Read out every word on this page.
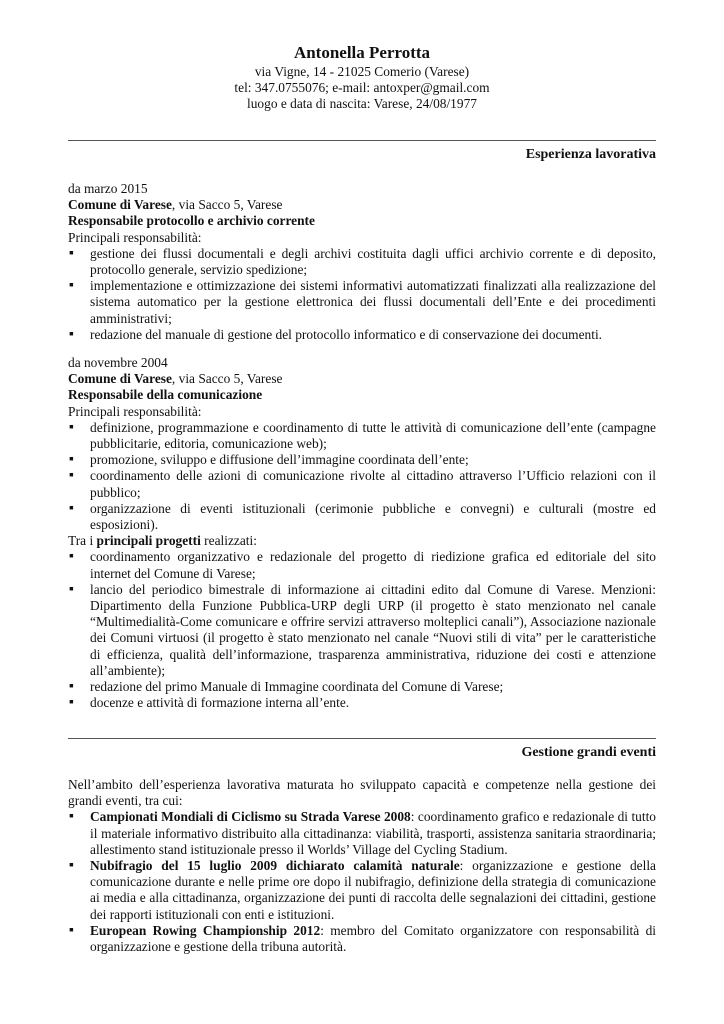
Antonella Perrotta
via Vigne, 14 - 21025 Comerio (Varese)
tel: 347.0755076; e-mail: antoxper@gmail.com
luogo e data di nascita: Varese, 24/08/1977
Esperienza lavorativa

da marzo 2015

Comune di Varese, via Sacco 5, Varese

Responsabile protocollo e archivio corrente

Principali responsabilità:

▪ gestione dei flussi documentali e degli archivi costituita dagli uffici archivio corrente e di deposito, protocollo generale, servizio spedizione;
▪ implementazione e ottimizzazione dei sistemi informativi automatizzati finalizzati alla realizzazione del sistema automatico per la gestione elettronica dei flussi documentali dell’Ente e dei procedimenti amministrativi;
▪ redazione del manuale di gestione del protocollo informatico e di conservazione dei documenti.

da novembre 2004

Comune di Varese, via Sacco 5, Varese

Responsabile della comunicazione

Principali responsabilità:

▪ definizione, programmazione e coordinamento di tutte le attività di comunicazione dell’ente (campagne pubblicitarie, editoria, comunicazione web);
▪ promozione, sviluppo e diffusione dell’immagine coordinata dell’ente;
▪ coordinamento delle azioni di comunicazione rivolte al cittadino attraverso l’Ufficio relazioni con il pubblico;
▪ organizzazione di eventi istituzionali (cerimonie pubbliche e convegni) e culturali (mostre ed esposizioni).

Tra i principali progetti realizzati:

▪ coordinamento organizzativo e redazionale del progetto di riedizione grafica ed editoriale del sito internet del Comune di Varese;
▪ lancio del periodico bimestrale di informazione ai cittadini edito dal Comune di Varese. Menzioni: Dipartimento della Funzione Pubblica-URP degli URP (il progetto è stato menzionato nel canale “Multimedialità-Come comunicare e offrire servizi attraverso molteplici canali”), Associazione nazionale dei Comuni virtuosi (il progetto è stato menzionato nel canale “Nuovi stili di vita” per le caratteristiche di efficienza, qualità dell’informazione, trasparenza amministrativa, riduzione dei costi e attenzione all’ambiente);
▪ redazione del primo Manuale di Immagine coordinata del Comune di Varese;
▪ docenze e attività di formazione interna all’ente.
Gestione grandi eventi

Nell’ambito dell’esperienza lavorativa maturata ho sviluppato capacità e competenze nella gestione dei grandi eventi, tra cui:

▪ Campionati Mondiali di Ciclismo su Strada Varese 2008: coordinamento grafico e redazionale di tutto il materiale informativo distribuito alla cittadinanza: viabilità, trasporti, assistenza sanitaria straordinaria; allestimento stand istituzionale presso il Worlds’ Village del Cycling Stadium.
▪ Nubifragio del 15 luglio 2009 dichiarato calamità naturale: organizzazione e gestione della comunicazione durante e nelle prime ore dopo il nubifragio, definizione della strategia di comunicazione ai media e alla cittadinanza, organizzazione dei punti di raccolta delle segnalazioni dei cittadini, gestione dei rapporti istituzionali con enti e istituzioni.
▪ European Rowing Championship 2012: membro del Comitato organizzatore con responsabilità di organizzazione e gestione della tribuna autorità.
